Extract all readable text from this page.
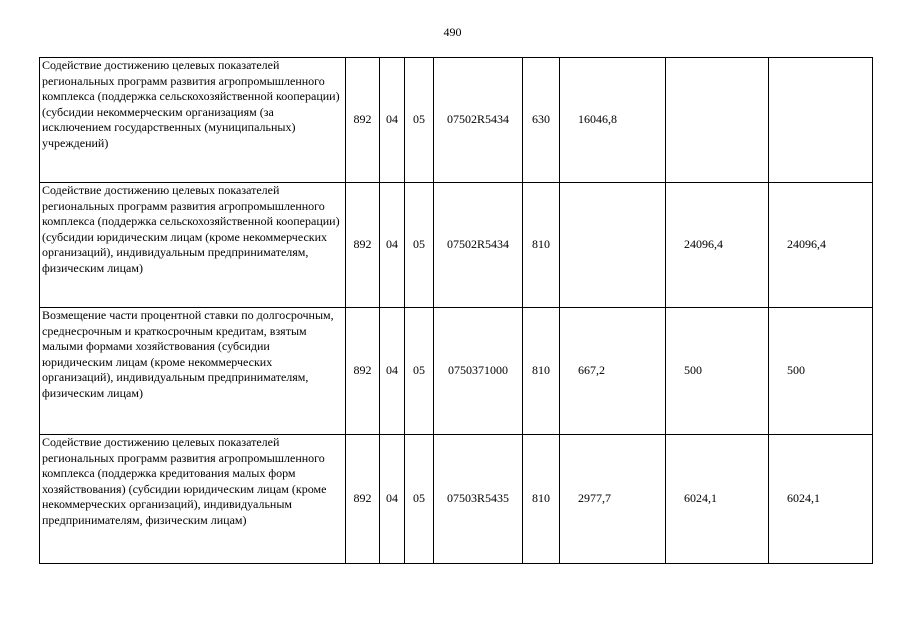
490
Содействие достижению целевых показателей региональных программ развития агропромышленного комплекса (поддержка сельскохозяйственной кооперации) (субсидии некоммерческим организациям (за исключением государственных (муниципальных) учреждений)	892	04	05	07502R5434	630	16046,8		
Содействие достижению целевых показателей региональных программ развития агропромышленного комплекса (поддержка сельскохозяйственной кооперации) (субсидии юридическим лицам (кроме некоммерческих организаций), индивидуальным предпринимателям, физическим лицам)	892	04	05	07502R5434	810		24096,4	24096,4
Возмещение части процентной ставки по долгосрочным, среднесрочным и краткосрочным кредитам, взятым малыми формами хозяйствования (субсидии юридическим лицам (кроме некоммерческих организаций), индивидуальным предпринимателям, физическим лицам)	892	04	05	0750371000	810	667,2	500	500
Содействие достижению целевых показателей региональных программ развития агропромышленного комплекса (поддержка кредитования малых форм хозяйствования) (субсидии юридическим лицам (кроме некоммерческих организаций), индивидуальным предпринимателям, физическим лицам)	892	04	05	07503R5435	810	2977,7	6024,1	6024,1
